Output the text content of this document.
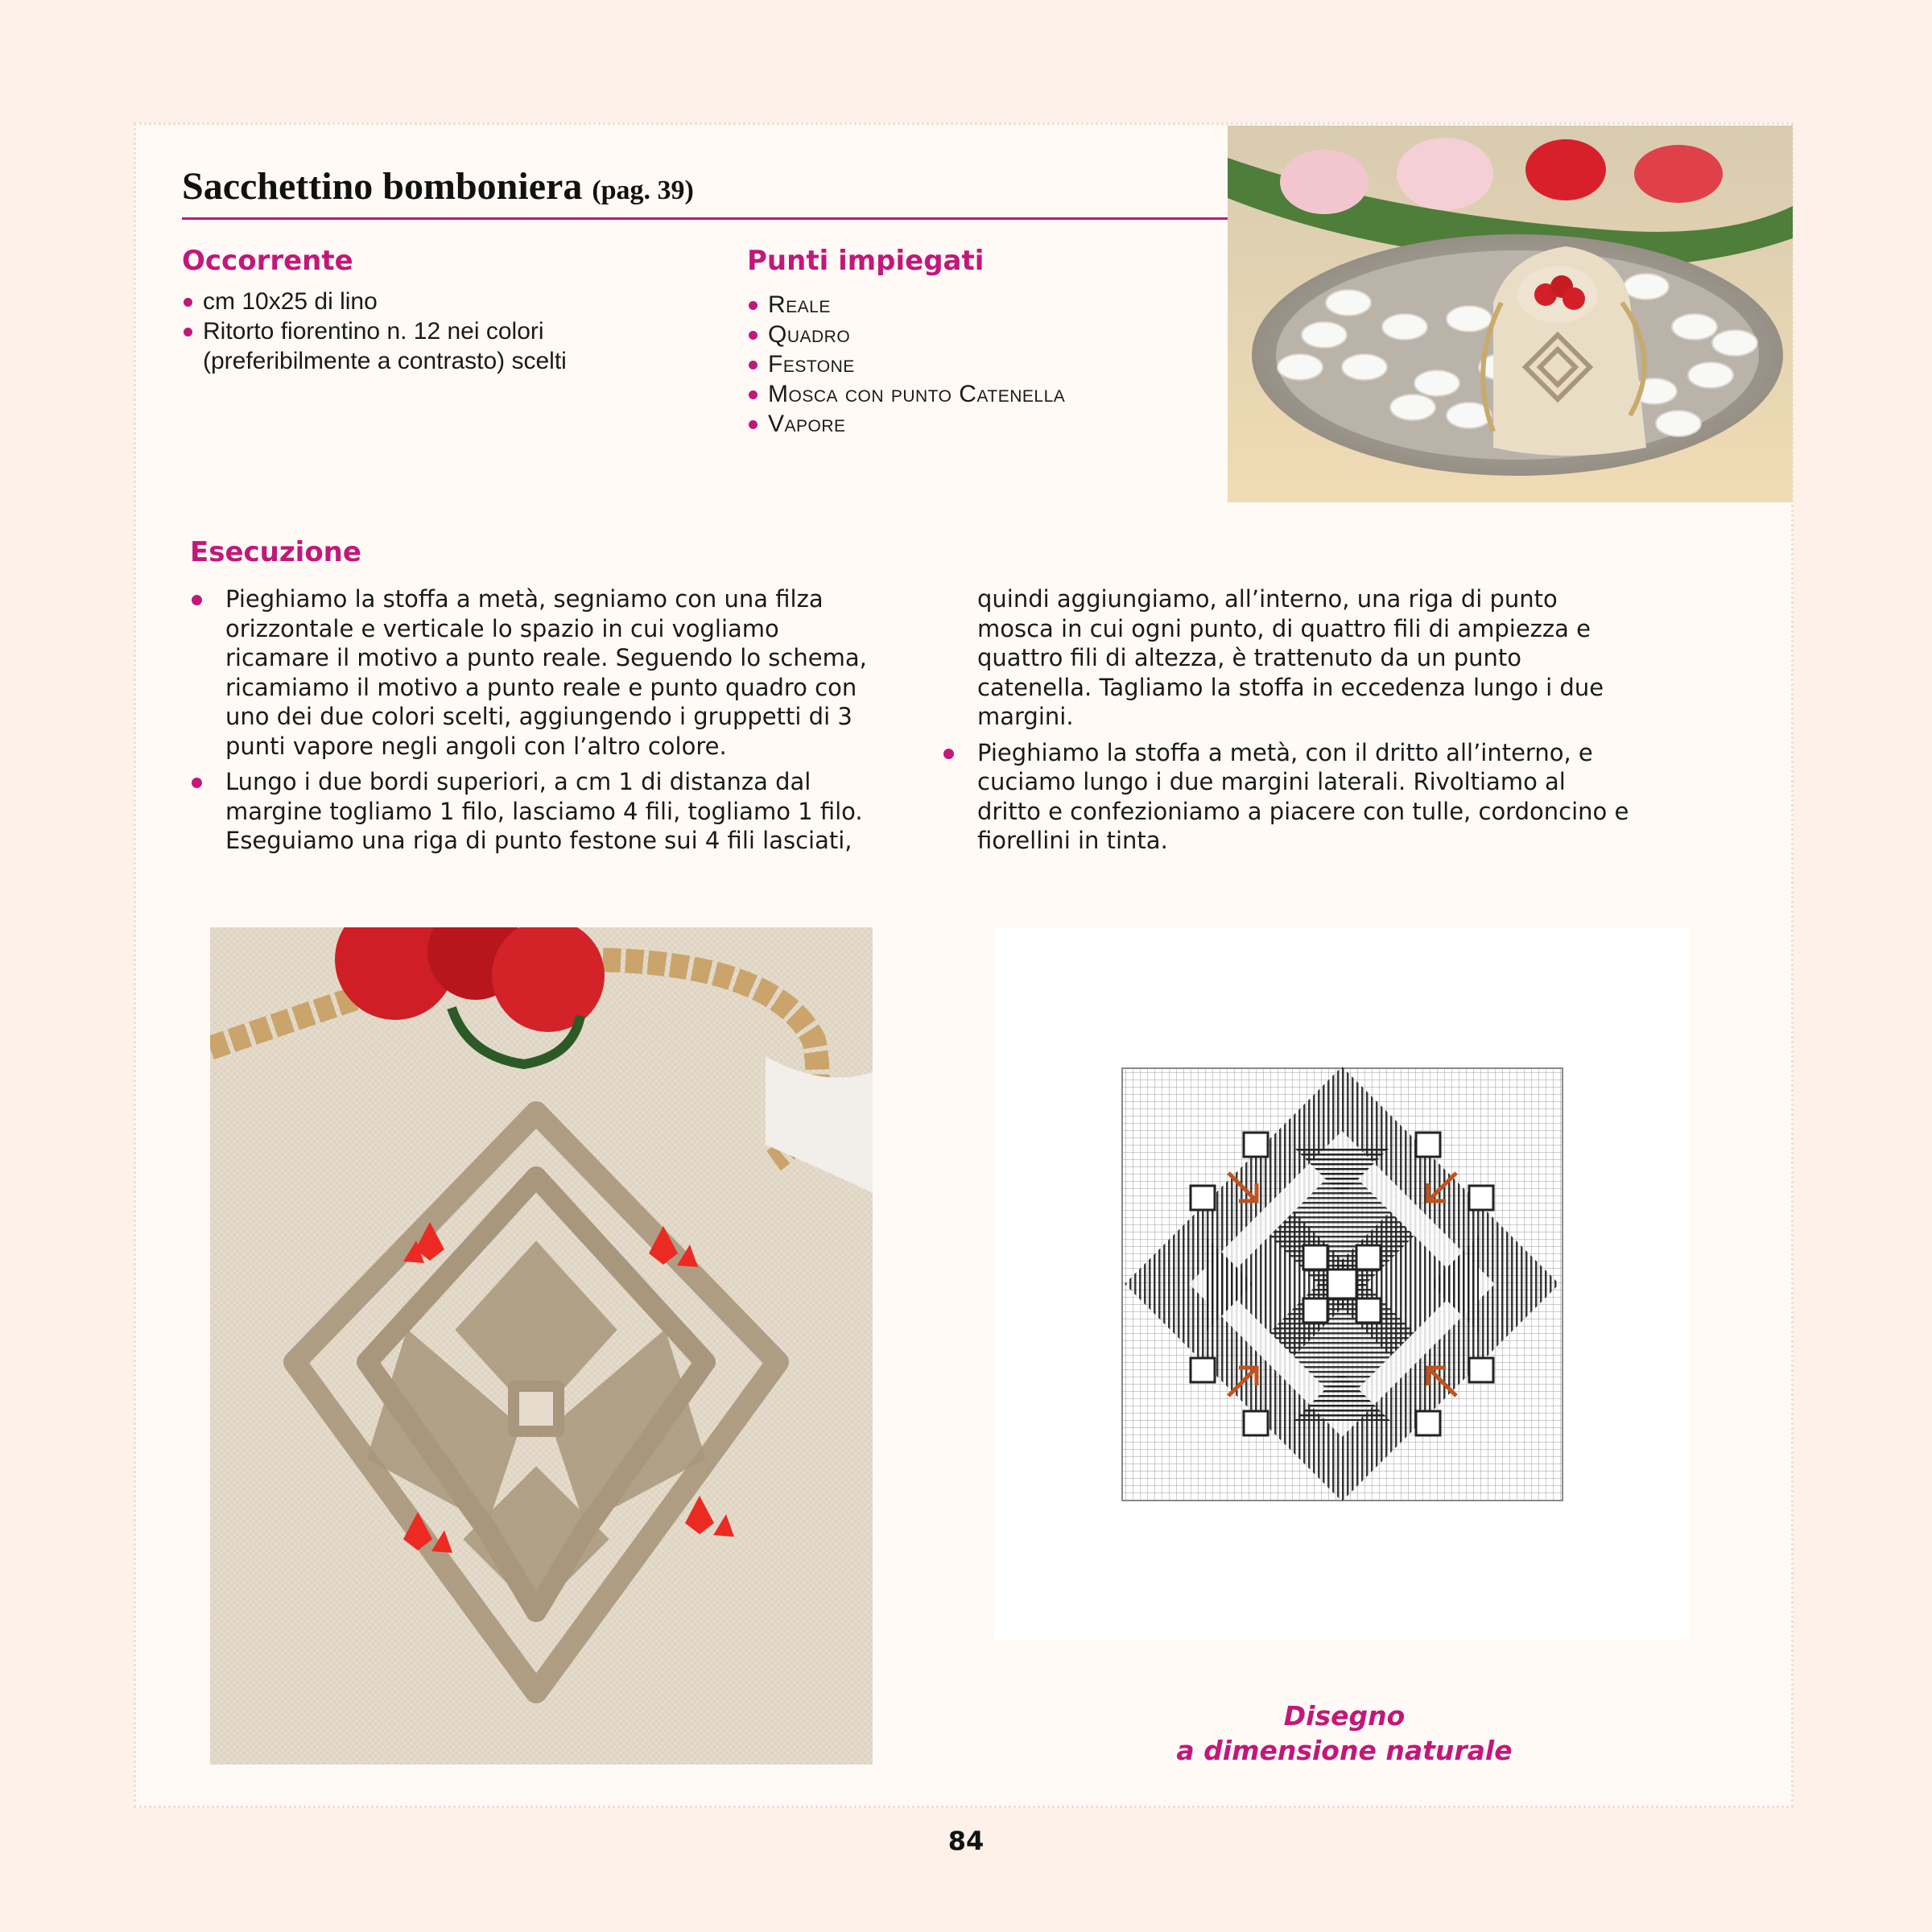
Sacchettino bomboniera (pag. 39)
Occorrente
cm 10x25 di lino
Ritorto fiorentino n. 12 nei colori
(preferibilmente a contrasto) scelti
Punti impiegati
Reale
Quadro
Festone
Mosca con punto Catenella
Vapore
Esecuzione

Pieghiamo la stoffa a metà, segniamo con una filza orizzontale e verticale lo spazio in cui vogliamo ricamare il motivo a punto reale. Seguendo lo schema, ricamiamo il motivo a punto reale e punto quadro con uno dei due colori scelti, aggiungendo i gruppetti di 3 punti vapore negli angoli con l’altro colore.

Lungo i due bordi superiori, a cm 1 di distanza dal margine togliamo 1 filo, lasciamo 4 fili, togliamo 1 filo. Eseguiamo una riga di punto festone sui 4 fili lasciati,

quindi aggiungiamo, all’interno, una riga di punto mosca in cui ogni punto, di quattro fili di ampiezza e quattro fili di altezza, è trattenuto da un punto catenella. Tagliamo la stoffa in eccedenza lungo i due margini.

Pieghiamo la stoffa a metà, con il dritto all’interno, e cuciamo lungo i due margini laterali. Rivoltiamo al dritto e confezioniamo a piacere con tulle, cordoncino e fiorellini in tinta.

Disegno
a dimensione naturale
84
